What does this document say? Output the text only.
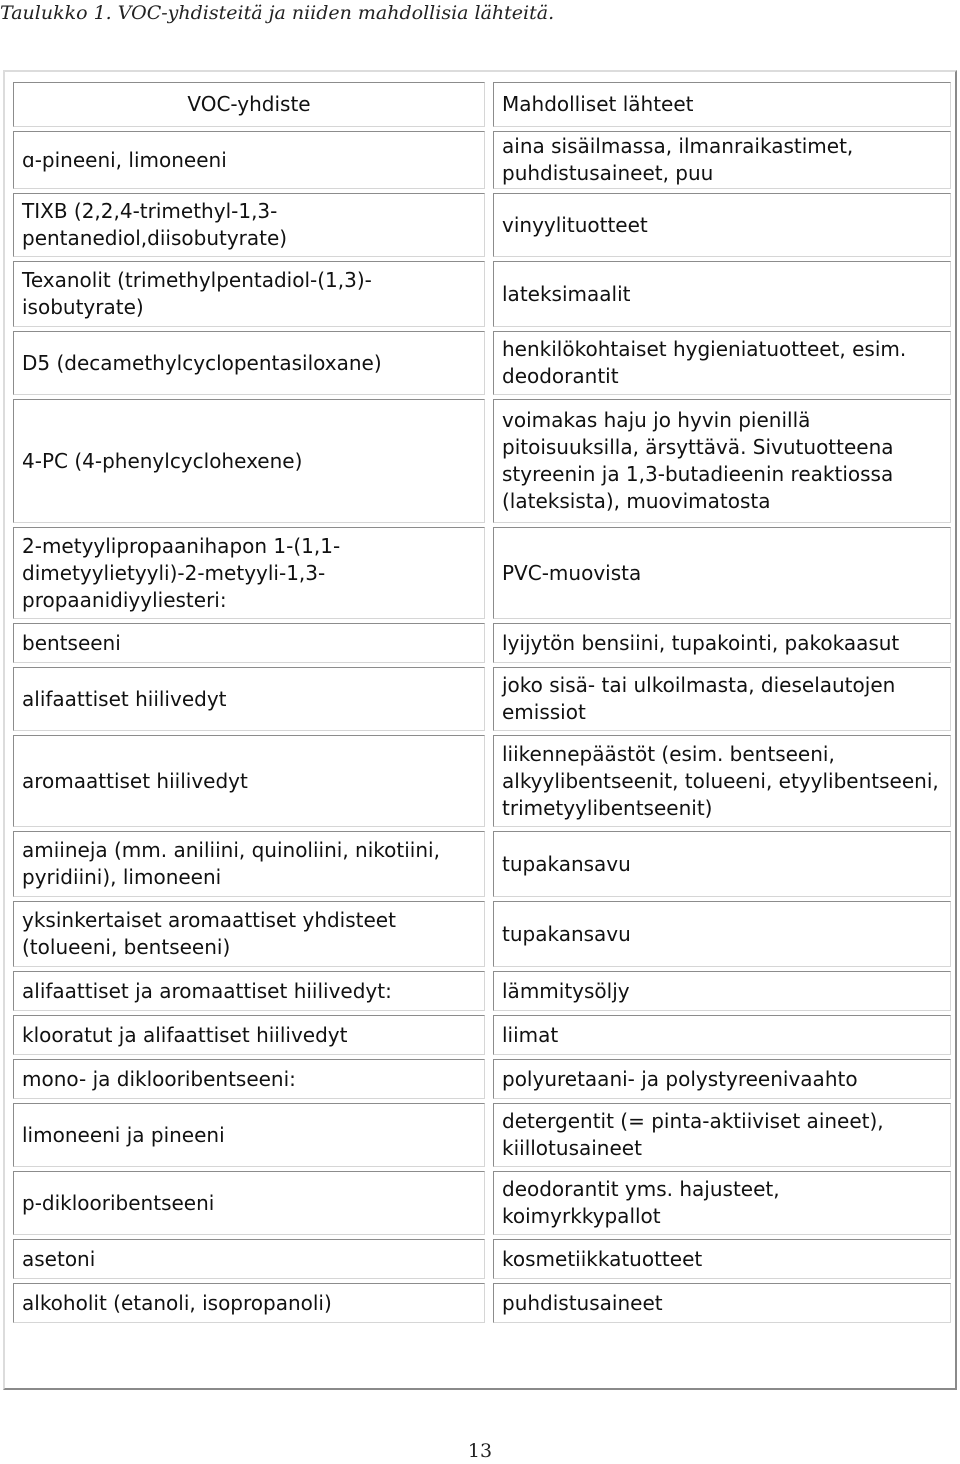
Taulukko 1. VOC-yhdisteitä ja niiden mahdollisia lähteitä.
VOC-yhdiste		Mahdolliset lähteet
ɑ-pineeni, limoneeni		aina sisäilmassa, ilmanraikastimet, puhdistusaineet, puu
TIXB (2,2,4-trimethyl-1,3-pentanediol,diisobutyrate)		vinyylituotteet
Texanolit (trimethylpentadiol-(1,3)-isobutyrate)		lateksimaalit
D5 (decamethylcyclopentasiloxane)		henkilökohtaiset hygieniatuotteet, esim. deodorantit
4-PC (4-phenylcyclohexene)		voimakas haju jo hyvin pienillä pitoisuuksilla, ärsyttävä. Sivutuotteena styreenin ja 1,3-butadieenin reaktiossa (lateksista), muovimatosta
2-metyylipropaanihapon 1-(1,1-dimetyylietyyli)-2-metyyli-1,3-propaanidiyyliesteri:		PVC-muovista
bentseeni		lyijytön bensiini, tupakointi, pakokaasut
alifaattiset hiilivedyt		joko sisä- tai ulkoilmasta, dieselautojen emissiot
aromaattiset hiilivedyt		liikennepäästöt (esim. bentseeni, alkyylibentseenit, tolueeni, etyylibentseeni, trimetyylibentseenit)
amiineja (mm. aniliini, quinoliini, nikotiini, pyridiini), limoneeni		tupakansavu
yksinkertaiset aromaattiset yhdisteet (tolueeni, bentseeni)		tupakansavu
alifaattiset ja aromaattiset hiilivedyt:		lämmitysöljy
klooratut ja alifaattiset hiilivedyt		liimat
mono- ja diklooribentseeni:		polyuretaani- ja polystyreenivaahto
limoneeni ja pineeni		detergentit (= pinta-aktiiviset aineet), kiillotusaineet
p-diklooribentseeni		deodorantit yms. hajusteet, koimyrkkypallot
asetoni		kosmetiikkatuotteet
alkoholit (etanoli, isopropanoli)		puhdistusaineet
13
